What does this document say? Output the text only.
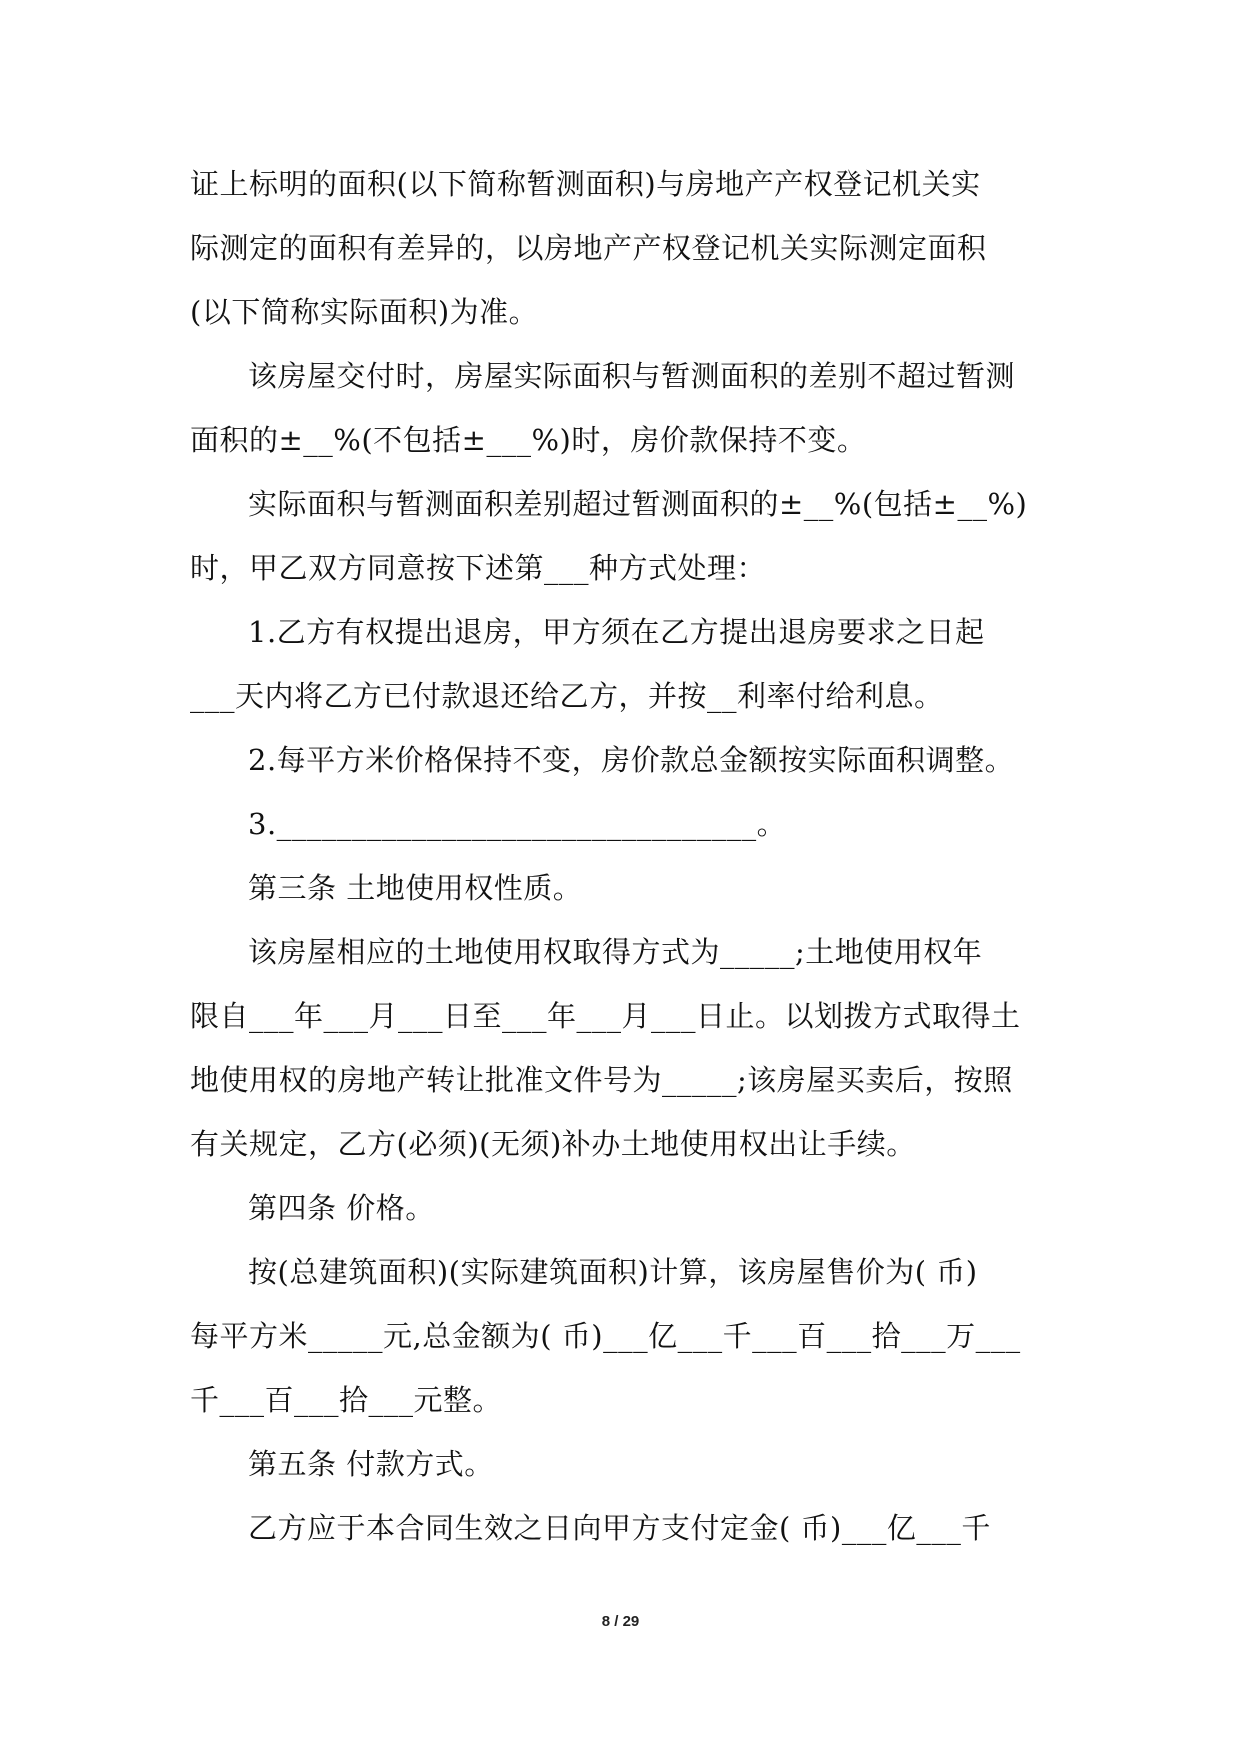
证上标明的面积(以下简称暂测面积)与房地产产权登记机关实
际测定的面积有差异的，以房地产产权登记机关实际测定面积
(以下简称实际面积)为准。
该房屋交付时，房屋实际面积与暂测面积的差别不超过暂测
面积的±__%(不包括±___%)时，房价款保持不变。
实际面积与暂测面积差别超过暂测面积的±__%(包括±__%)
时，甲乙双方同意按下述第___种方式处理：
1.乙方有权提出退房，甲方须在乙方提出退房要求之日起
___天内将乙方已付款退还给乙方，并按__利率付给利息。
2.每平方米价格保持不变，房价款总金额按实际面积调整。
3.________________________________。
第三条 土地使用权性质。
该房屋相应的土地使用权取得方式为_____;土地使用权年
限自___年___月___日至___年___月___日止。以划拨方式取得土
地使用权的房地产转让批准文件号为_____;该房屋买卖后，按照
有关规定，乙方(必须)(无须)补办土地使用权出让手续。
第四条 价格。
按(总建筑面积)(实际建筑面积)计算，该房屋售价为( 币)
每平方米_____元,总金额为( 币)___亿___千___百___拾___万___
千___百___拾___元整。
第五条 付款方式。
乙方应于本合同生效之日向甲方支付定金( 币)___亿___千
8 / 29
